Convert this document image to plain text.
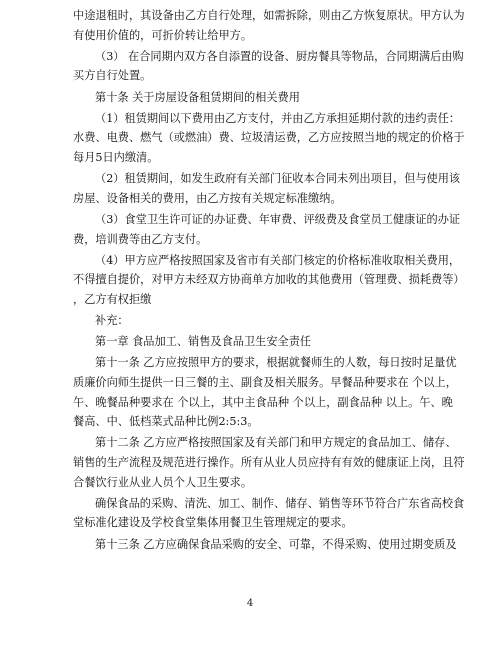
中途退租时，其设备由乙方自行处理，如需拆除，则由乙方恢复原状。甲方认为
有使用价值的，可折价转让给甲方。

（3） 在合同期内双方各自添置的设备、厨房餐具等物品，合同期满后由购
买方自行处置。

第十条 关于房屋设备租赁期间的相关费用

（1）租赁期间以下费用由乙方支付，并由乙方承担延期付款的违约责任：
水费、电费、燃气（或燃油）费、垃圾清运费，乙方应按照当地的规定的价格于
每月5日内缴清。

（2）租赁期间，如发生政府有关部门征收本合同未列出项目，但与使用该
房屋、设备相关的费用，由乙方按有关规定标准缴纳。

（3）食堂卫生许可证的办证费、年审费、评级费及食堂员工健康证的办证
费，培训费等由乙方支付。

（4）甲方应严格按照国家及省市有关部门核定的价格标准收取相关费用，
不得擅自提价，对甲方未经双方协商单方加收的其他费用（管理费、损耗费等）
，乙方有权拒缴

补充：

第一章 食品加工、销售及食品卫生安全责任

第十一条 乙方应按照甲方的要求，根据就餐师生的人数，每日按时足量优
质廉价向师生提供一日三餐的主、副食及相关服务。早餐品种要求在 个以上，
午、晚餐品种要求在 个以上，其中主食品种 个以上，副食品种 以上。午、晚
餐高、中、低档菜式品种比例2:5:3。

第十二条 乙方应严格按照国家及有关部门和甲方规定的食品加工、储存、
销售的生产流程及规范进行操作。所有从业人员应持有有效的健康证上岗，且符
合餐饮行业从业人员个人卫生要求。

确保食品的采购、清洗、加工、制作、储存、销售等环节符合广东省高校食
堂标准化建设及学校食堂集体用餐卫生管理规定的要求。

第十三条 乙方应确保食品采购的安全、可靠，不得采购、使用过期变质及

4
